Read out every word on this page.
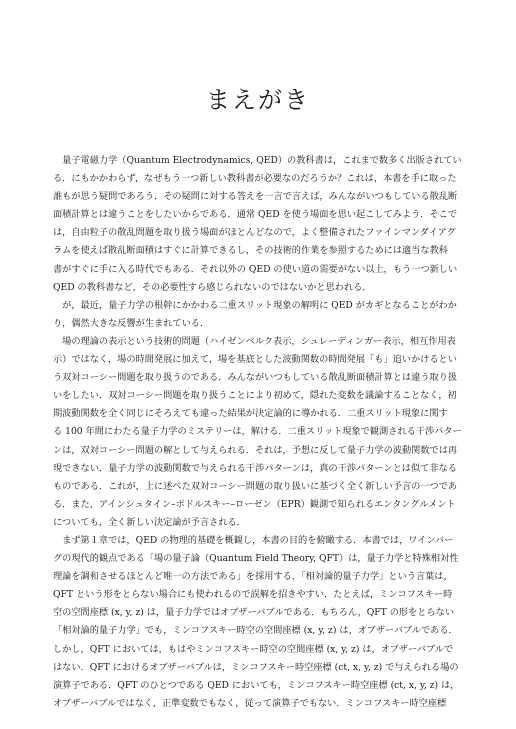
まえがき
　量子電磁力学（Quantum Electrodynamics, QED）の教科書は，これまで数多く出版されてい
る．にもかかわらず，なぜもう一つ新しい教科書が必要なのだろうか？これは，本書を手に取った
誰もが思う疑問であろう．その疑問に対する答えを一言で言えば，みんながいつもしている散乱断
面積計算とは違うことをしたいからである．通常 QED を使う場面を思い起こしてみよう．そこで
は，自由粒子の散乱問題を取り扱う場面がほとんどなので，よく整備されたファインマンダイアグ
ラムを使えば散乱断面積はすぐに計算できるし，その技術的作業を参照するためには適当な教科
書がすぐに手に入る時代でもある．それ以外の QED の使い道の需要がない以上，もう一つ新しい
QED の教科書など，その必要性すら感じられないのではないかと思われる．
　が，最近，量子力学の根幹にかかわる二重スリット現象の解明に QED がカギとなることがわか
り，偶然大きな反響が生まれている．
　場の理論の表示という技術的問題（ハイゼンベルク表示，シュレーディンガー表示，相互作用表
示）ではなく，場の時間発展に加えて，場を基底とした波動関数の時間発展「も」追いかけるとい
う双対コーシー問題を取り扱うのである．みんながいつもしている散乱断面積計算とは違う取り扱
いをしたい．双対コーシー問題を取り扱うことにより初めて，隠れた変数を議論することなく，初
期波動関数を全く同じにそろえても違った結果が決定論的に導かれる．二重スリット現象に関す
る 100 年間にわたる量子力学のミステリーは，解ける．二重スリット現象で観測される干渉パター
ンは，双対コーシー問題の解として与えられる．それは，予想に反して量子力学の波動関数では再
現できない．量子力学の波動関数で与えられる干渉パターンは，真の干渉パターンとは似て非なる
ものである．これが，上に述べた双対コーシー問題の取り扱いに基づく全く新しい予言の一つであ
る．また，アインシュタイン–ポドルスキー–ローゼン（EPR）観測で知られるエンタングルメント
についても，全く新しい決定論が予言される．
　まず第１章では，QED の物理的基礎を概観し，本書の目的を俯瞰する．本書では，ワインバー
グの現代的観点である「場の量子論（Quantum Field Theory, QFT）は，量子力学と特殊相対性
理論を調和させるほとんど唯一の方法である」を採用する．「相対論的量子力学」という言葉は，
QFT という形をとらない場合にも使われるので誤解を招きやすい．たとえば，ミンコフスキー時
空の空間座標 (x, y, z) は，量子力学ではオブザーバブルである．もちろん，QFT の形をとらない
「相対論的量子力学」でも，ミンコフスキー時空の空間座標 (x, y, z) は，オブザーバブルである．
しかし，QFT においては，もはやミンコフスキー時空の空間座標 (x, y, z) は，オブザーバブルで
はない．QFT におけるオブザーバブルは，ミンコフスキー時空座標 (ct, x, y, z) で与えられる場の
演算子である．QFT のひとつである QED においても，ミンコフスキー時空座標 (ct, x, y, z) は，
オブザーバブルではなく，正準変数でもなく，従って演算子でもない．ミンコフスキー時空座標
